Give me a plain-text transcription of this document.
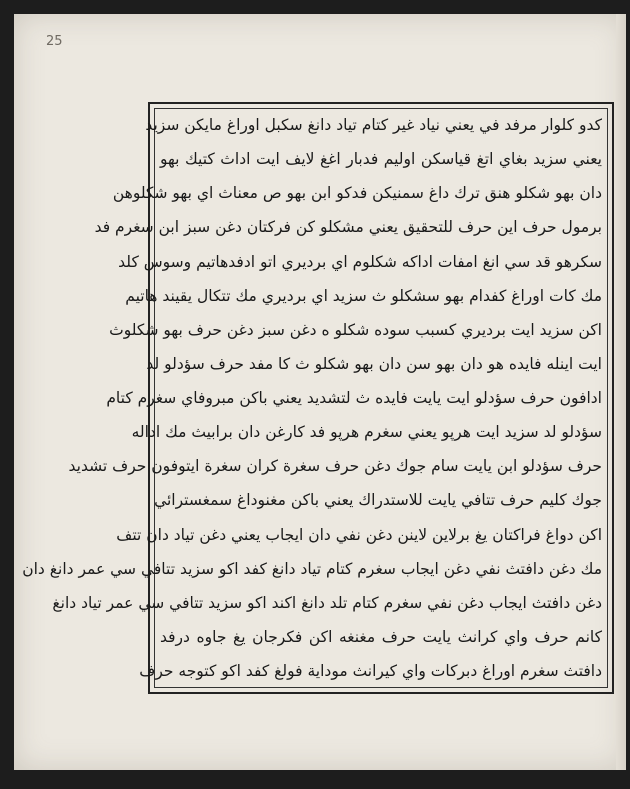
25
كدو كلوار مرفد في يعني نياد غير كتام تياد دانغ سكبل اوراغ مايكن سزيد
يعني سزيد بغاي اتغ قياسكن اوليم فدبار اغغ لايف ايت اداث كتيك بهو
دان بهو شكلو هنق ترك داغ سمنيكن فدكو ابن بهو ص معناث اي بهو شكلوهن
برمول حرف اين حرف للتحقيق يعني مشكلو كن فركتان دغن سبز ابن سغرم فد
سكرهو قد سي انغ امفات اداكه شكلوم اي برديري اتو ادفدهاتيم وسوس كلد
مك كات اوراغ كفدام بهو سشكلو ث سزيد اي برديري مك تتكال يقيند هاتيم
اكن سزيد ايت برديري كسبب سوده شكلو ه دغن سبز دغن حرف بهو شكلوث
ايت اينله فايده هو دان بهو سن دان بهو شكلو ث كا مفد حرف سؤدلو لد
ادافون حرف سؤدلو ايت يايت فايده ث لتشديد يعني باكن مبروفاي سغرم كتام
سؤدلو لد سزيد ايت هرپو يعني سغرم هرپو فد كارغن دان برابيث مك اداله
حرف سؤدلو ابن يايت سام جوك دغن حرف سغرة كران سغرة ايتوفون حرف تشديد
جوك كليم حرف تتافي يايت للاستدراك يعني باكن مغنوداغ سمغسترائي
اكن دواغ فراكتان يغ برلاين لاينن دغن نفي دان ايجاب يعني دغن تياد دان تتف
مك دغن دافتث نفي دغن ايجاب سغرم كتام تياد دانغ كفد اكو سزيد تتافي سي عمر دانغ دان
دغن دافتث ايجاب دغن نفي سغرم كتام تلد دانغ اكند اكو سزيد تتافي سي عمر تياد دانغ
كانم حرف واي كرانث يايت حرف مغنغه اكن فكرجان يغ جاوه درفد
دافتث سغرم اوراغ دبركات واي كيرانث موداية فولغ كفد اكو كتوجه حرف
